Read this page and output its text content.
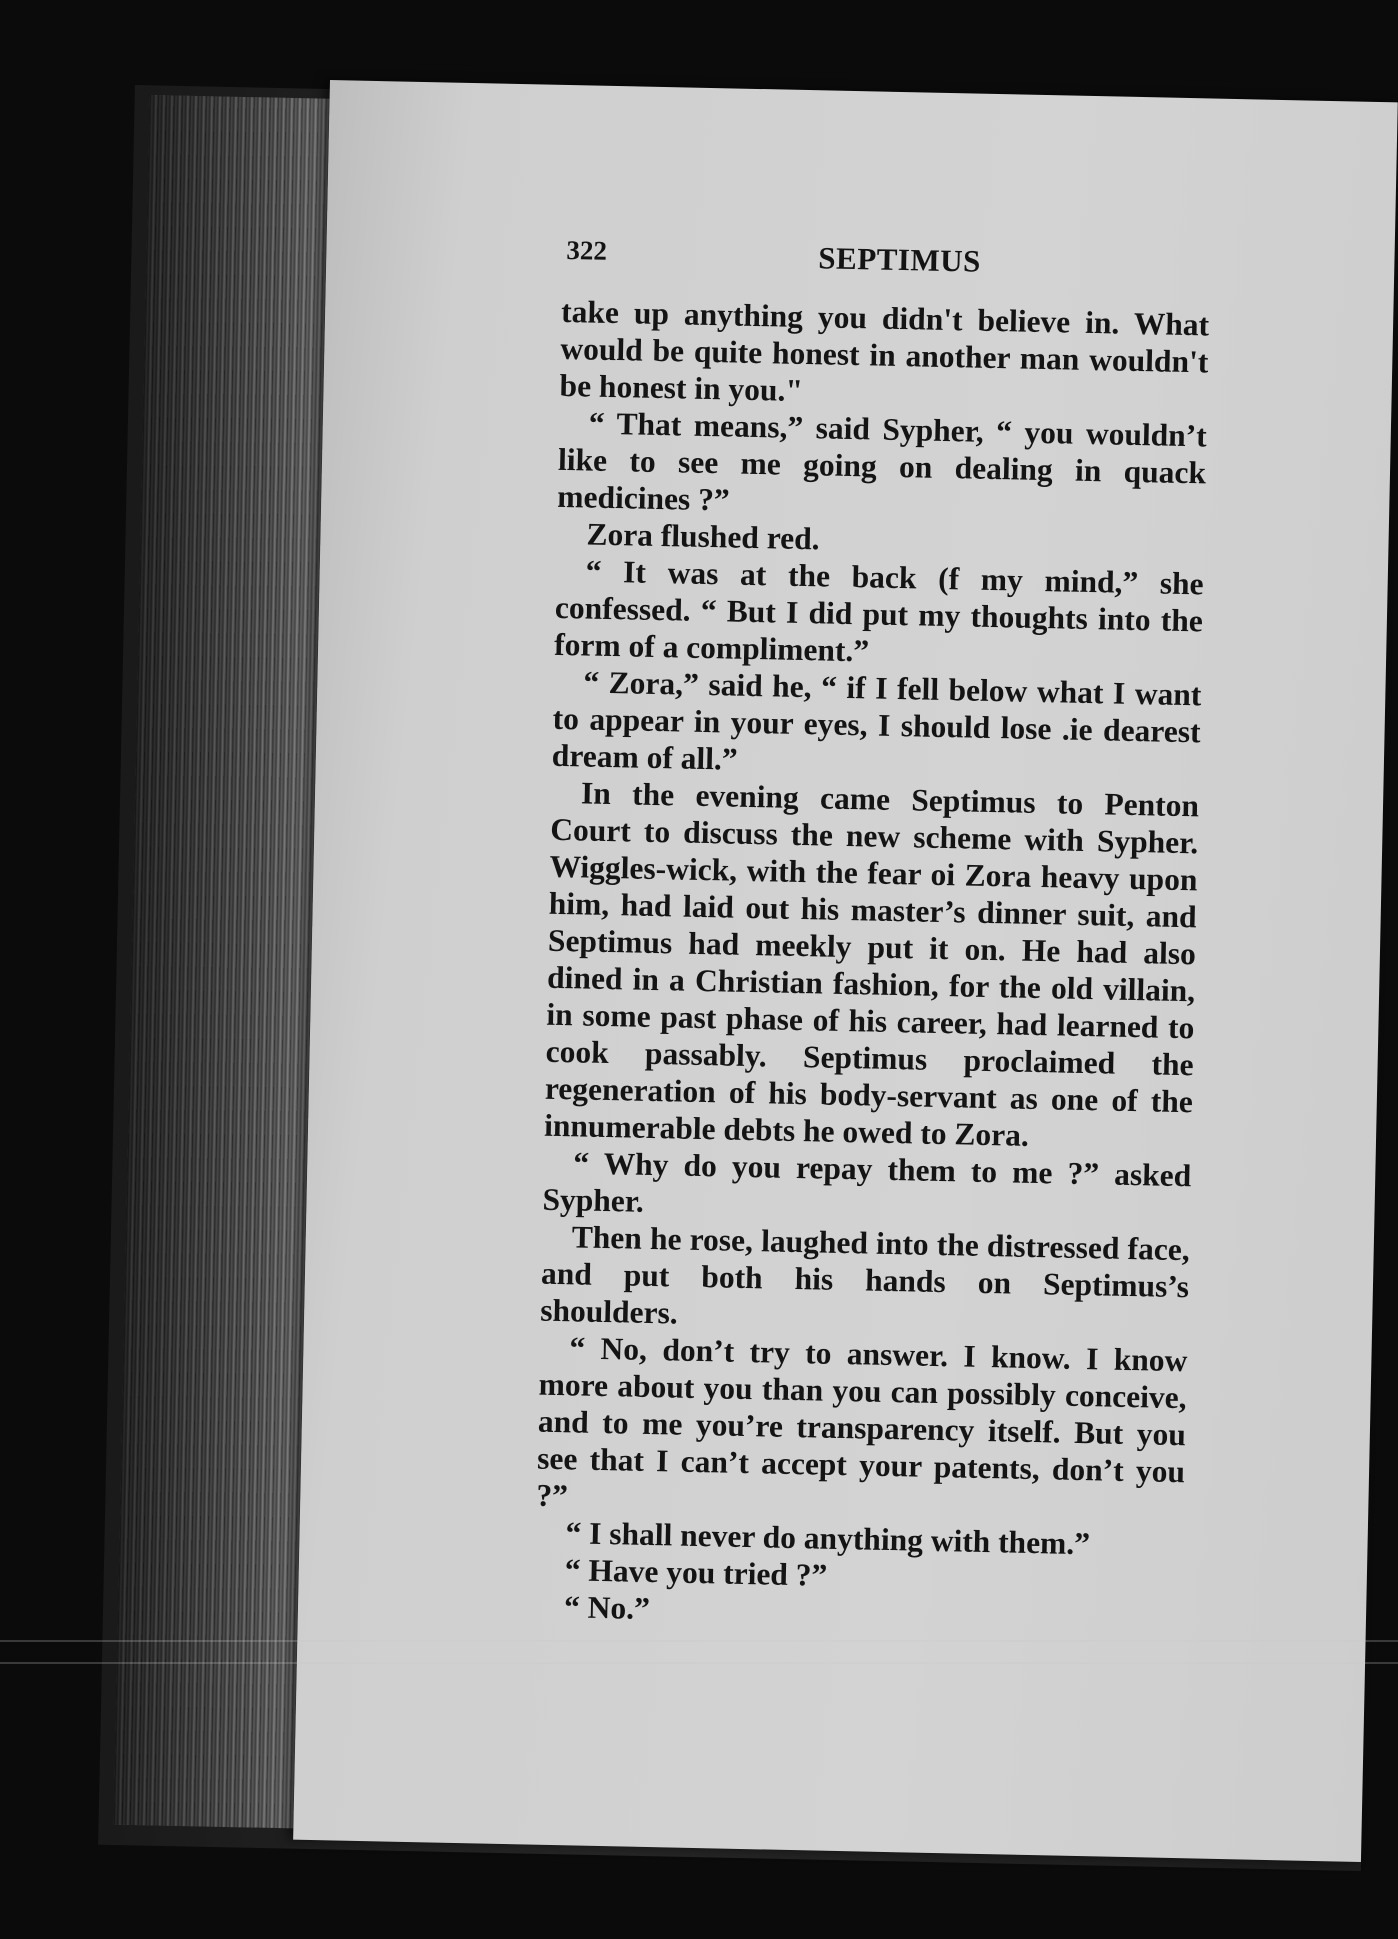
322	SEPTIMUS

take up anything you didn't believe in. What would be quite honest in another man wouldn't be honest in you."

“ That means,” said Sypher, “ you wouldn’t like to see me going on dealing in quack medicines ?”

Zora flushed red.

“ It was at the back (f my mind,” she confessed. “ But I did put my thoughts into the form of a compliment.”

“ Zora,” said he, “ if I fell below what I want to appear in your eyes, I should lose .ie dearest dream of all.”

In the evening came Septimus to Penton Court to discuss the new scheme with Sypher. Wiggles-wick, with the fear oi Zora heavy upon him, had laid out his master’s dinner suit, and Septimus had meekly put it on. He had also dined in a Christian fashion, for the old villain, in some past phase of his career, had learned to cook passably. Septimus proclaimed the regeneration of his body-servant as one of the innumerable debts he owed to Zora.

“ Why do you repay them to me ?” asked Sypher.

Then he rose, laughed into the distressed face, and put both his hands on Septimus’s shoulders.

“ No, don’t try to answer. I know. I know more about you than you can possibly conceive, and to me you’re transparency itself. But you see that I can’t accept your patents, don’t you ?”

“ I shall never do anything with them.”

“ Have you tried ?”

“ No.”
